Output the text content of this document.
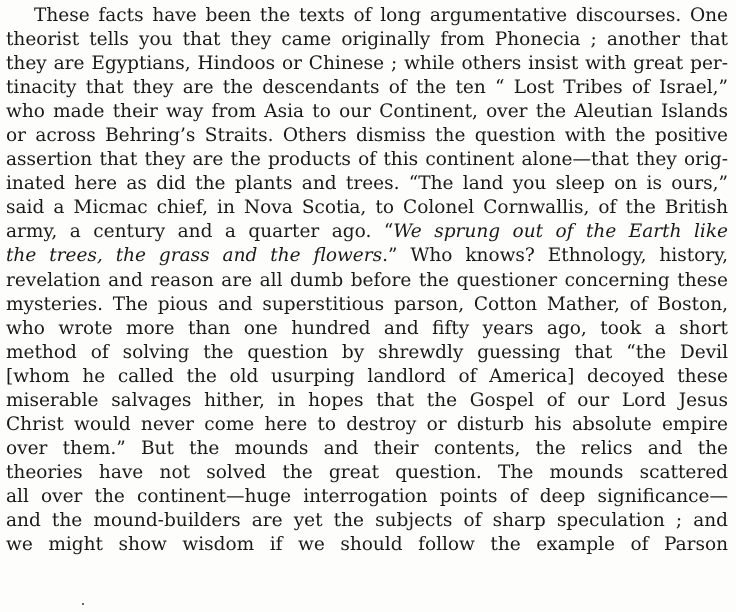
These facts have been the texts of long argumentative discourses. One
theorist tells you that they came originally from Phonecia ; another that
they are Egyptians, Hindoos or Chinese ; while others insist with great per-
tinacity that they are the descendants of the ten “ Lost Tribes of Israel,”
who made their way from Asia to our Continent, over the Aleutian Islands
or across Behring’s Straits. Others dismiss the question with the positive
assertion that they are the products of this continent alone—that they orig-
inated here as did the plants and trees. “The land you sleep on is ours,”
said a Micmac chief, in Nova Scotia, to Colonel Cornwallis, of the British
army, a century and a quarter ago. “We sprung out of the Earth like
the trees, the grass and the flowers.” Who knows? Ethnology, history,
revelation and reason are all dumb before the questioner concerning these
mysteries. The pious and superstitious parson, Cotton Mather, of Boston,
who wrote more than one hundred and fifty years ago, took a short
method of solving the question by shrewdly guessing that “the Devil
[whom he called the old usurping landlord of America] decoyed these
miserable salvages hither, in hopes that the Gospel of our Lord Jesus
Christ would never come here to destroy or disturb his absolute empire
over them.” But the mounds and their contents, the relics and the
theories have not solved the great question. The mounds scattered
all over the continent—huge interrogation points of deep significance—
and the mound-builders are yet the subjects of sharp speculation ; and
we might show wisdom if we should follow the example of Parson
